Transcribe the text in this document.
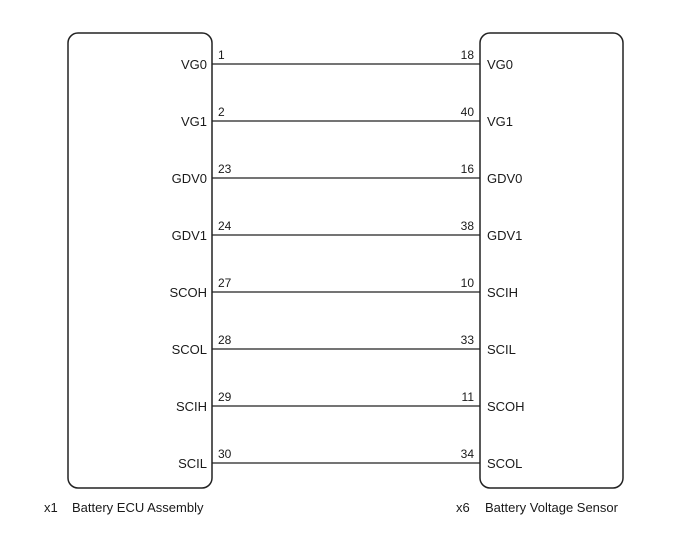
VG0
1	18
VG0
VG1
2	40
VG1
GDV0
23	16
GDV0
GDV1
24	38
GDV1
SCOH
27	10
SCIH
SCOL
28	33
SCIL
SCIH
29	11
SCOH
SCIL
30	34
SCOL
x1 Battery ECU Assembly	x6 Battery Voltage Sensor
